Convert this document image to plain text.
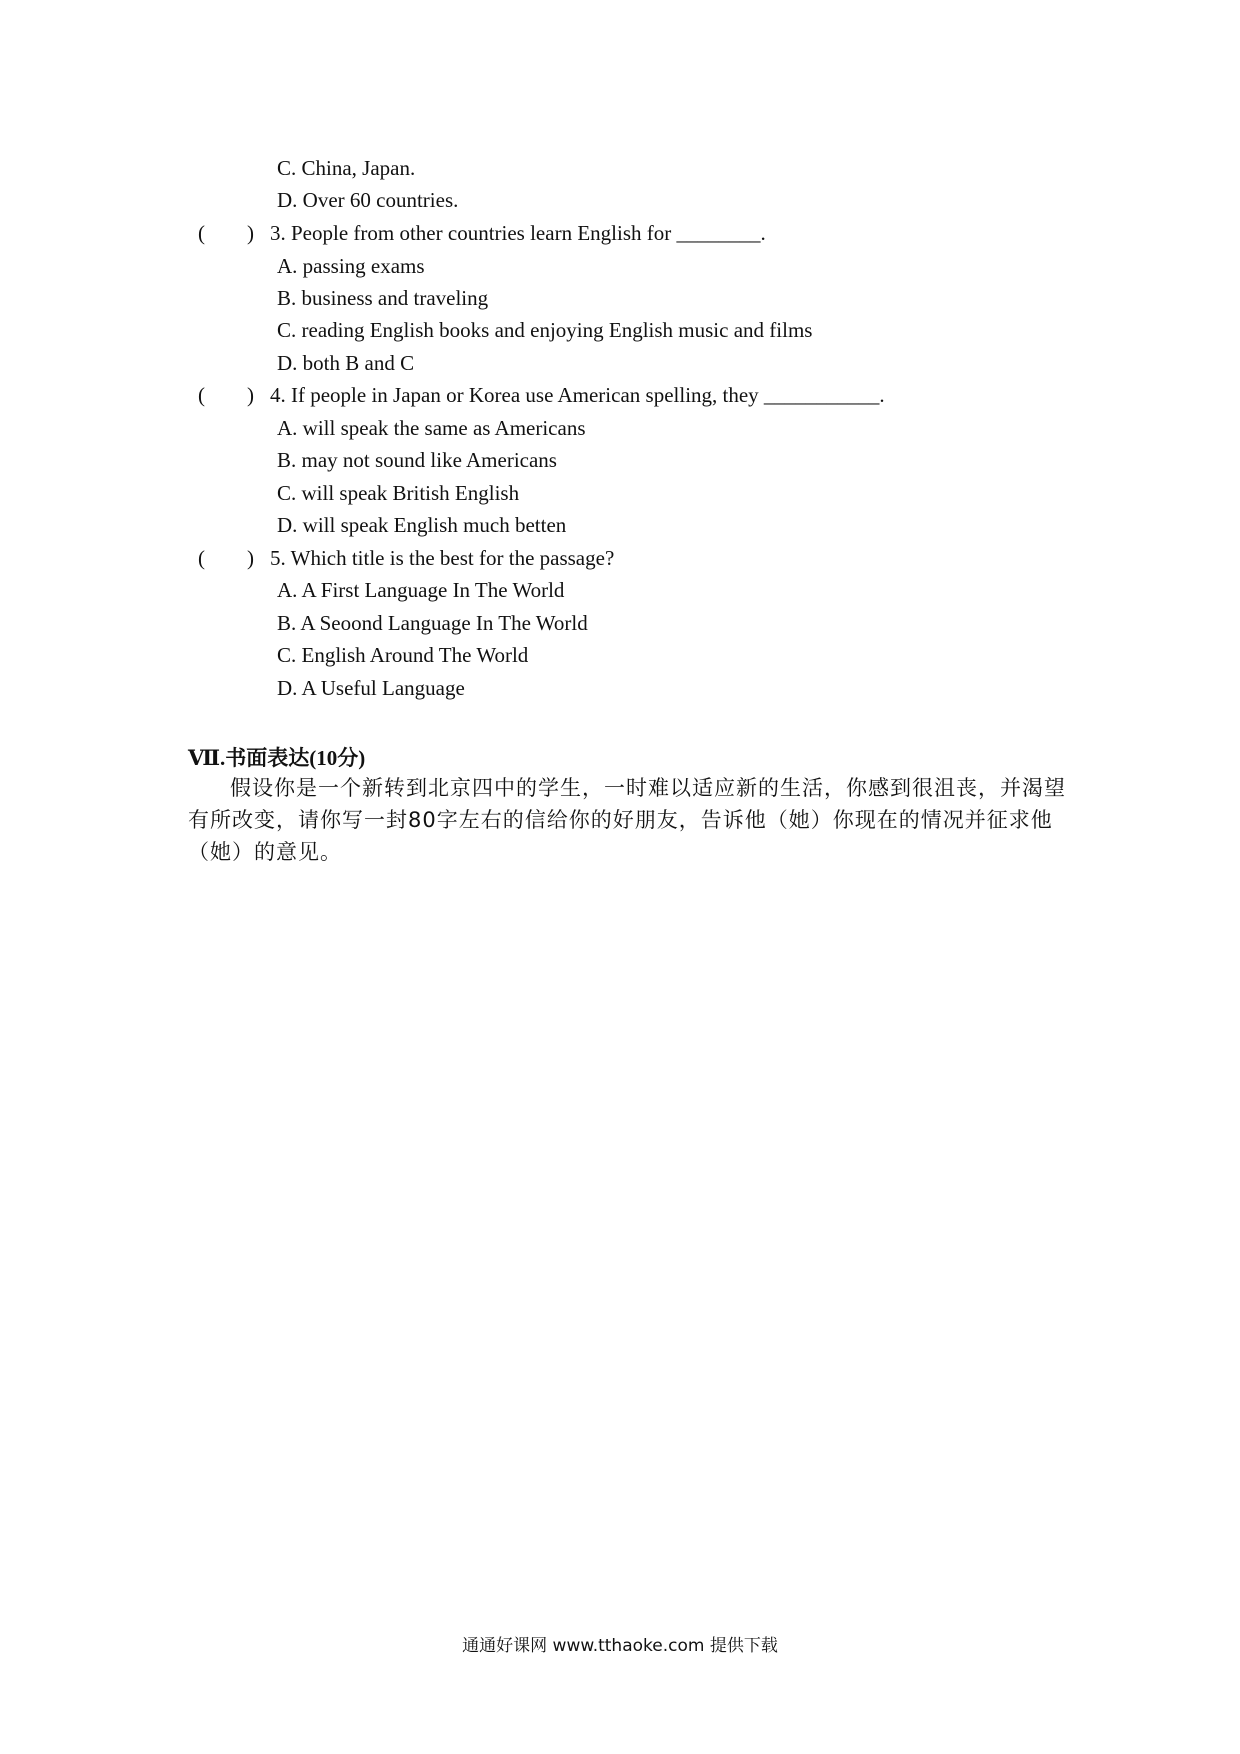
C. China, Japan.
D. Over 60 countries.
(　　) 3. People from other countries learn English for ________.
A. passing exams
B. business and traveling
C. reading English books and enjoying English music and films
D. both B and C
(　　) 4. If people in Japan or Korea use American spelling, they ___________.
A. will speak the same as Americans
B. may not sound like Americans
C. will speak British English
D. will speak English much betten
(　　) 5. Which title is the best for the passage?
A. A First Language In The World
B. A Seoond Language In The World
C. English Around The World
D. A Useful Language
Ⅶ.书面表达(10分)
假设你是一个新转到北京四中的学生，一时难以适应新的生活，你感到很沮丧，并渴望有所改变，请你写一封80字左右的信给你的好朋友，告诉他（她）你现在的情况并征求他（她）的意见。
通通好课网 www.tthaoke.com 提供下载
